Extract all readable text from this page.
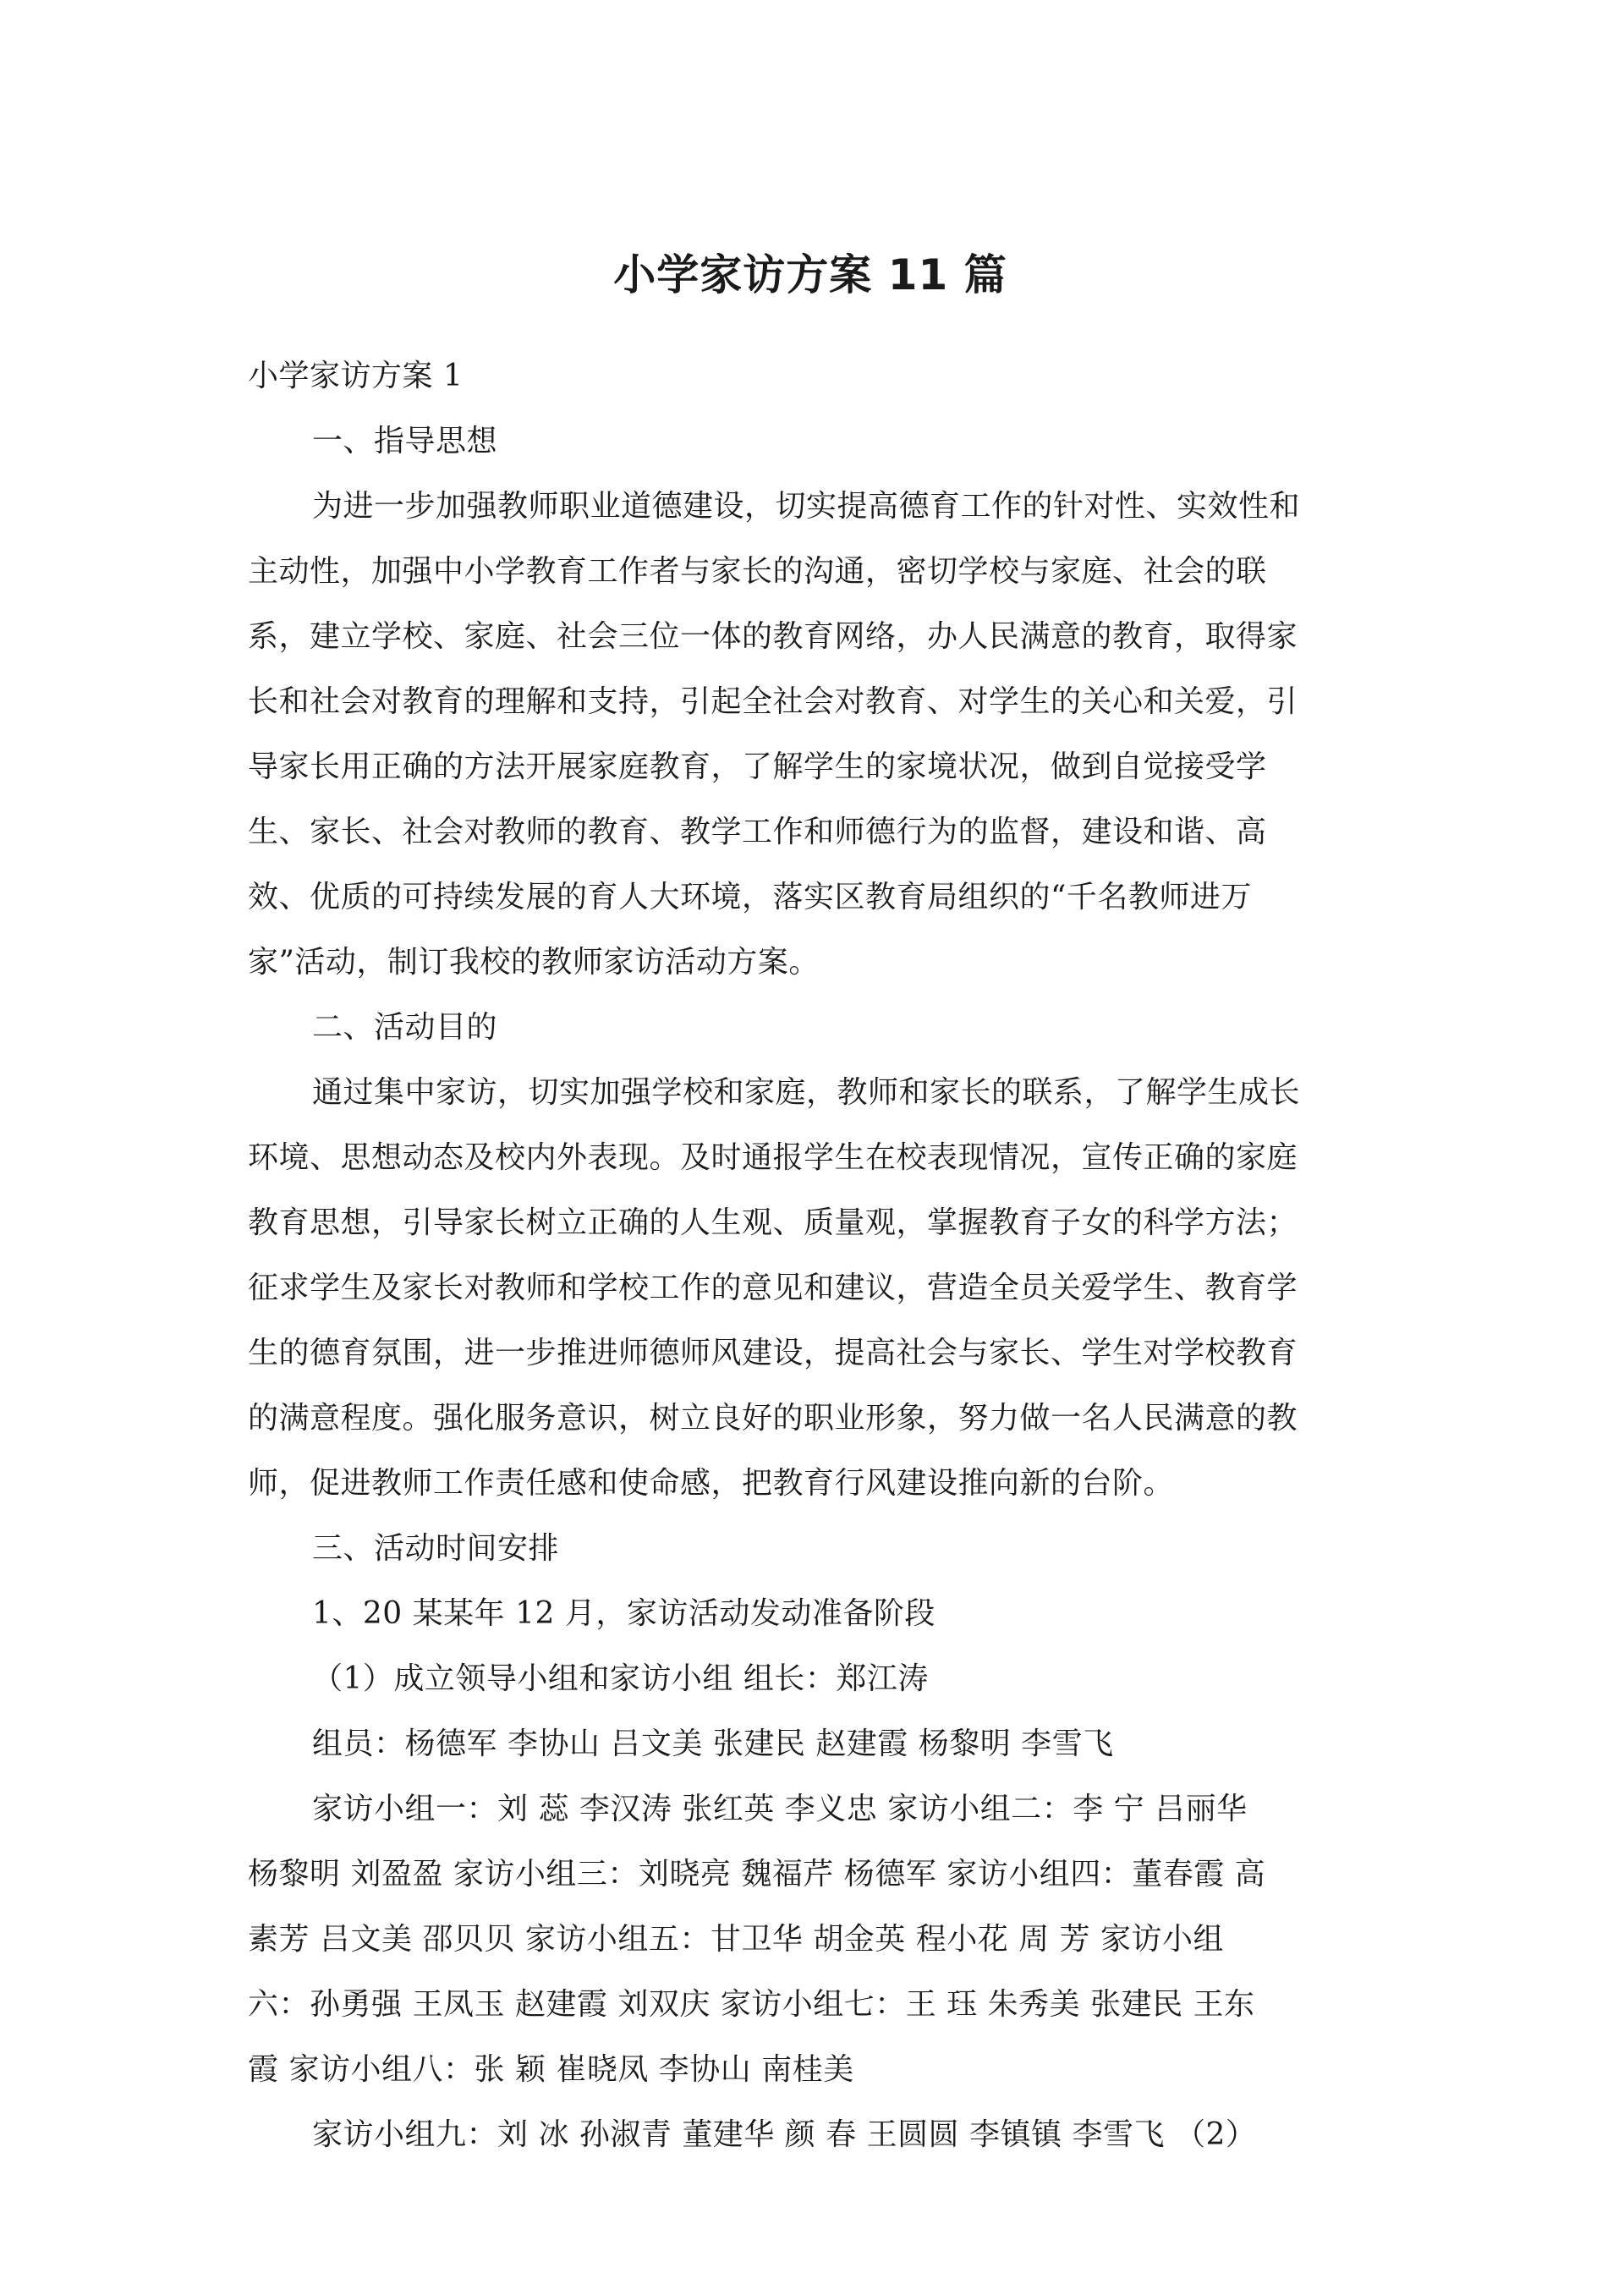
小学家访方案 11 篇

小学家访方案 1

一、指导思想

为进一步加强教师职业道德建设，切实提高德育工作的针对性、实效性和

主动性，加强中小学教育工作者与家长的沟通，密切学校与家庭、社会的联

系，建立学校、家庭、社会三位一体的教育网络，办人民满意的教育，取得家

长和社会对教育的理解和支持，引起全社会对教育、对学生的关心和关爱，引

导家长用正确的方法开展家庭教育，了解学生的家境状况，做到自觉接受学

生、家长、社会对教师的教育、教学工作和师德行为的监督，建设和谐、高

效、优质的可持续发展的育人大环境，落实区教育局组织的“千名教师进万

家”活动，制订我校的教师家访活动方案。

二、活动目的

通过集中家访，切实加强学校和家庭，教师和家长的联系，了解学生成长

环境、思想动态及校内外表现。及时通报学生在校表现情况，宣传正确的家庭

教育思想，引导家长树立正确的人生观、质量观，掌握教育子女的科学方法；

征求学生及家长对教师和学校工作的意见和建议，营造全员关爱学生、教育学

生的德育氛围，进一步推进师德师风建设，提高社会与家长、学生对学校教育

的满意程度。强化服务意识，树立良好的职业形象，努力做一名人民满意的教

师，促进教师工作责任感和使命感，把教育行风建设推向新的台阶。

三、活动时间安排

1、20 某某年 12 月，家访活动发动准备阶段

（1）成立领导小组和家访小组 组长：郑江涛

组员：杨德军 李协山 吕文美 张建民 赵建霞 杨黎明 李雪飞

家访小组一：刘 蕊 李汉涛 张红英 李义忠 家访小组二：李 宁 吕丽华

杨黎明 刘盈盈 家访小组三：刘晓亮 魏福芹 杨德军 家访小组四：董春霞 高

素芳 吕文美 邵贝贝 家访小组五：甘卫华 胡金英 程小花 周 芳 家访小组

六：孙勇强 王凤玉 赵建霞 刘双庆 家访小组七：王 珏 朱秀美 张建民 王东

霞 家访小组八：张 颖 崔晓凤 李协山 南桂美

家访小组九：刘 冰 孙淑青 董建华 颜 春 王圆圆 李镇镇 李雪飞 （2）
